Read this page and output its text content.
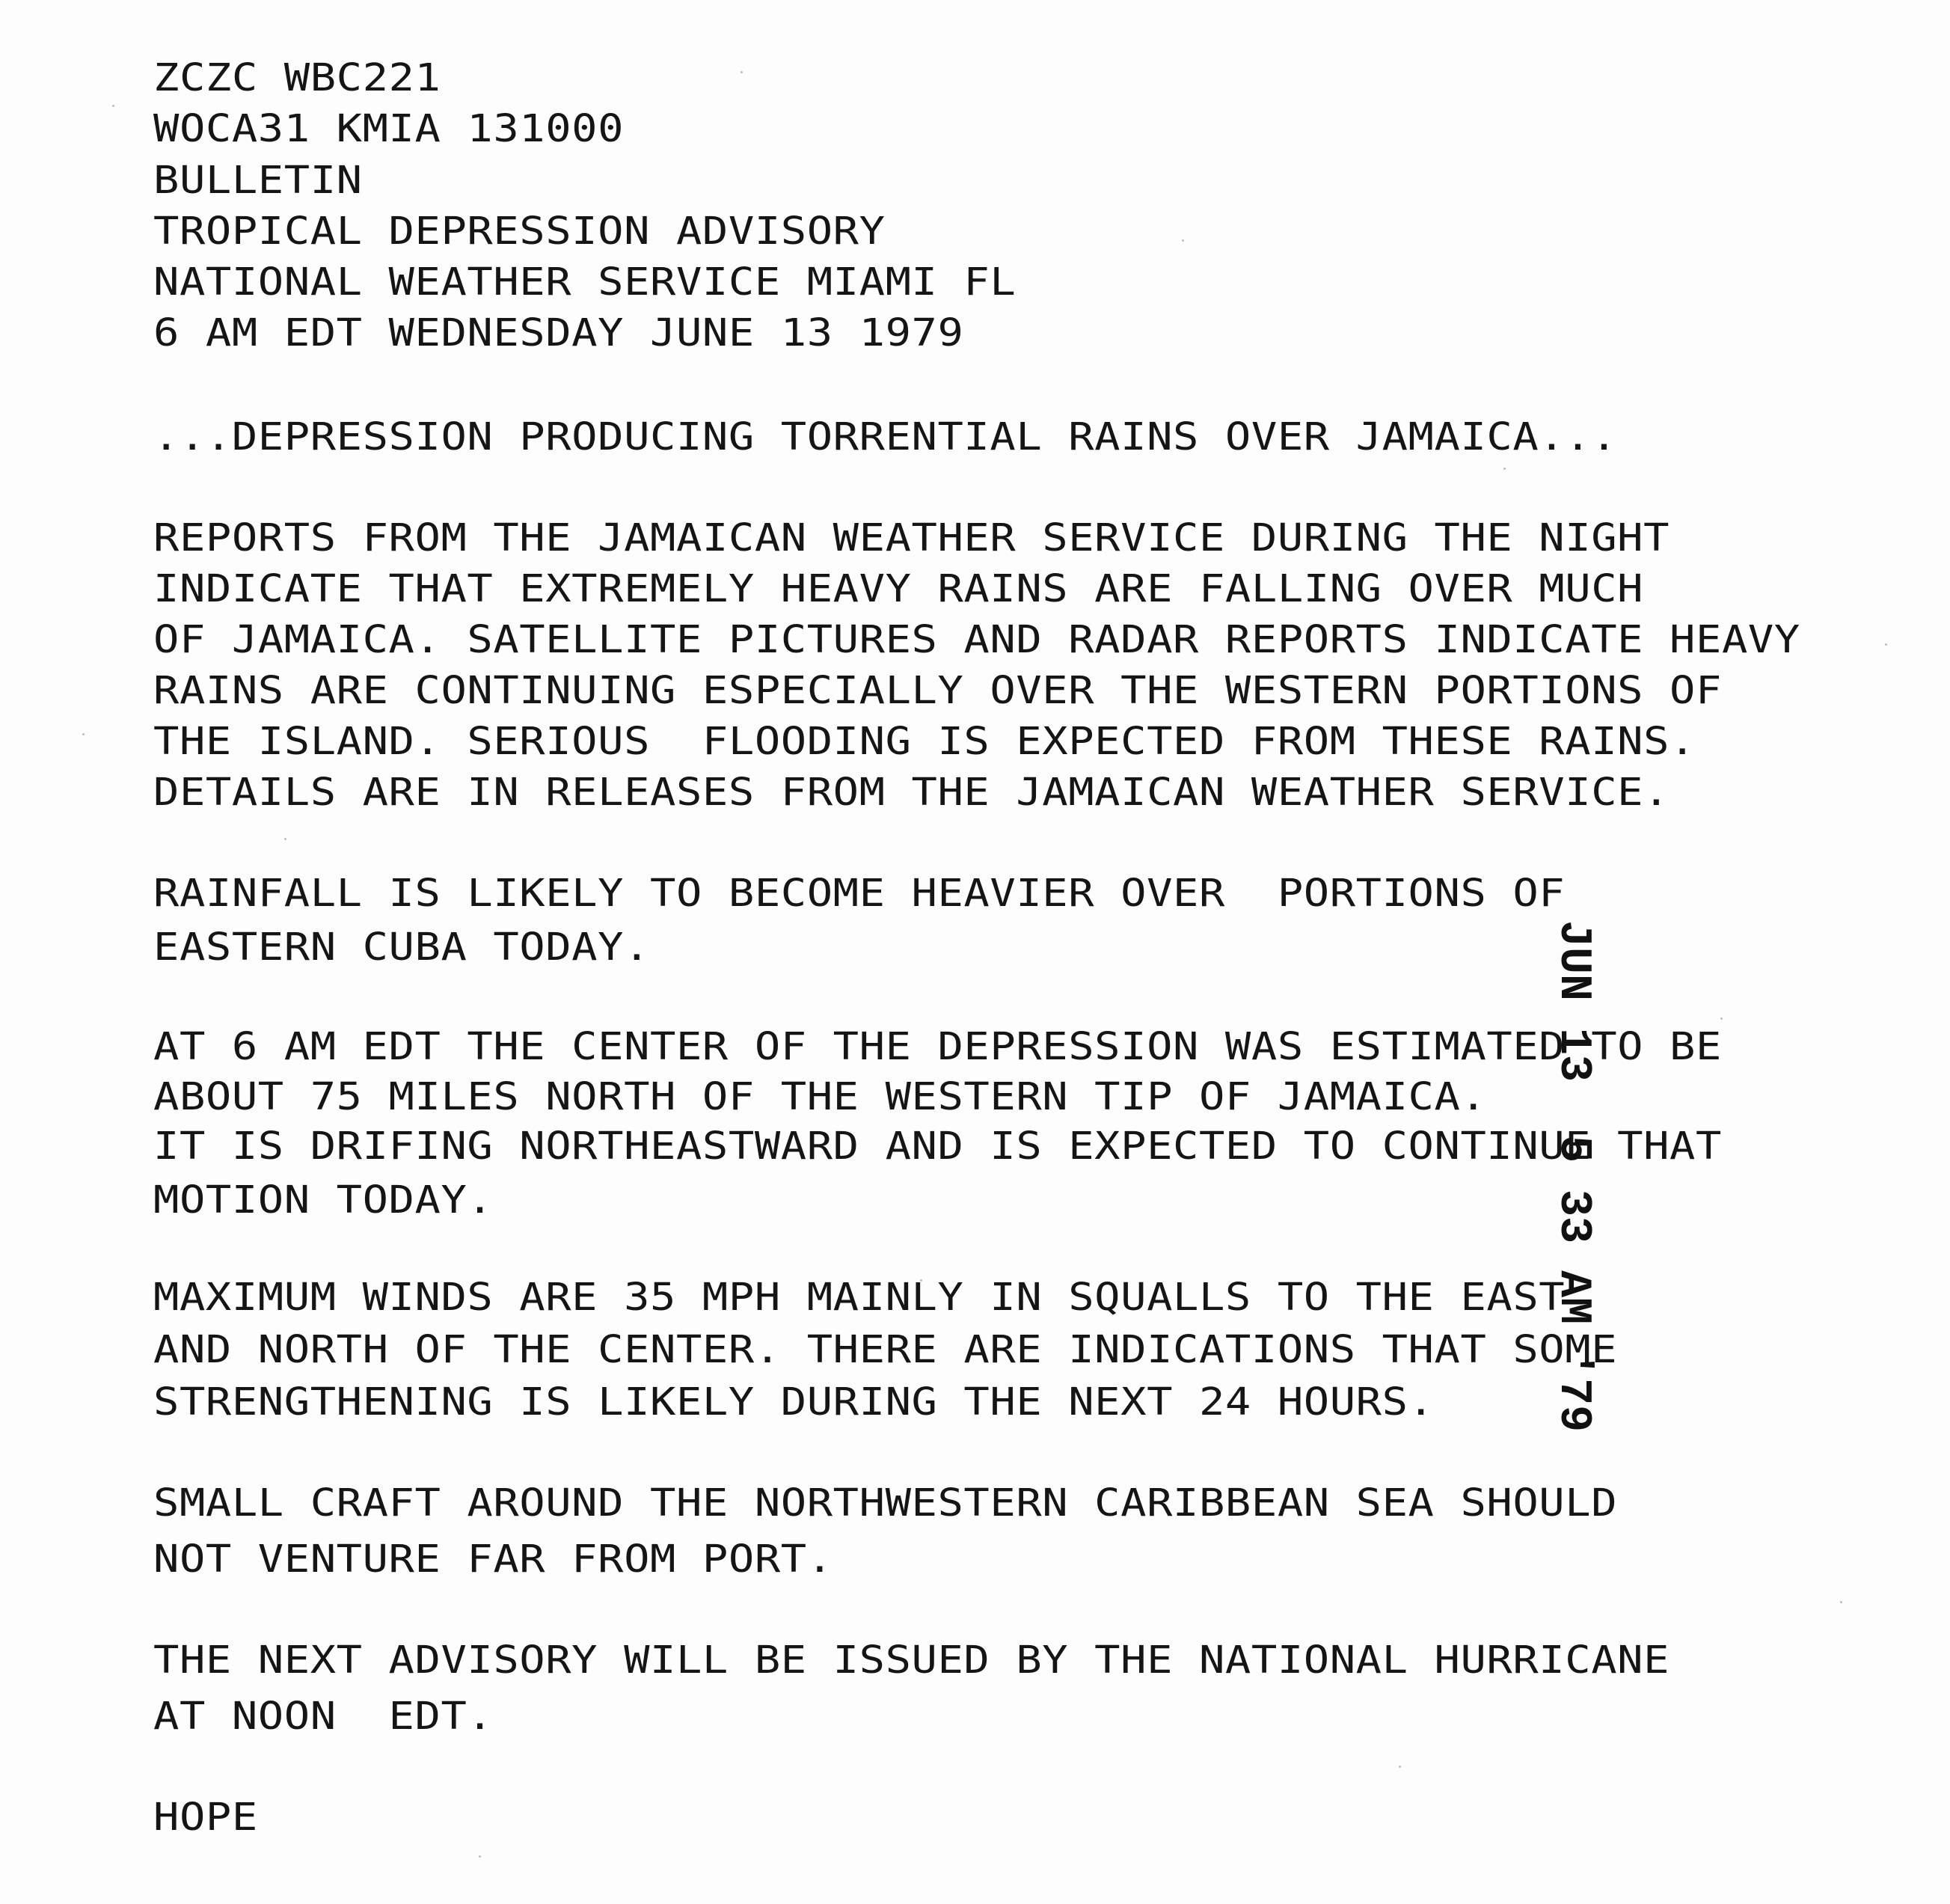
ZCZC WBC221
WOCA31 KMIA 131000
BULLETIN
TROPICAL DEPRESSION ADVISORY
NATIONAL WEATHER SERVICE MIAMI FL
6 AM EDT WEDNESDAY JUNE 13 1979
...DEPRESSION PRODUCING TORRENTIAL RAINS OVER JAMAICA...
REPORTS FROM THE JAMAICAN WEATHER SERVICE DURING THE NIGHT
INDICATE THAT EXTREMELY HEAVY RAINS ARE FALLING OVER MUCH
OF JAMAICA. SATELLITE PICTURES AND RADAR REPORTS INDICATE HEAVY
RAINS ARE CONTINUING ESPECIALLY OVER THE WESTERN PORTIONS OF
THE ISLAND. SERIOUS  FLOODING IS EXPECTED FROM THESE RAINS.
DETAILS ARE IN RELEASES FROM THE JAMAICAN WEATHER SERVICE.
RAINFALL IS LIKELY TO BECOME HEAVIER OVER  PORTIONS OF
EASTERN CUBA TODAY.
AT 6 AM EDT THE CENTER OF THE DEPRESSION WAS ESTIMATED TO BE
ABOUT 75 MILES NORTH OF THE WESTERN TIP OF JAMAICA.
IT IS DRIFING NORTHEASTWARD AND IS EXPECTED TO CONTINUE THAT
MOTION TODAY.
MAXIMUM WINDS ARE 35 MPH MAINLY IN SQUALLS TO THE EAST
AND NORTH OF THE CENTER. THERE ARE INDICATIONS THAT SOME
STRENGTHENING IS LIKELY DURING THE NEXT 24 HOURS.
SMALL CRAFT AROUND THE NORTHWESTERN CARIBBEAN SEA SHOULD
NOT VENTURE FAR FROM PORT.
THE NEXT ADVISORY WILL BE ISSUED BY THE NATIONAL HURRICANE
AT NOON  EDT.
HOPE
JUN 13  5 33 AM '79
